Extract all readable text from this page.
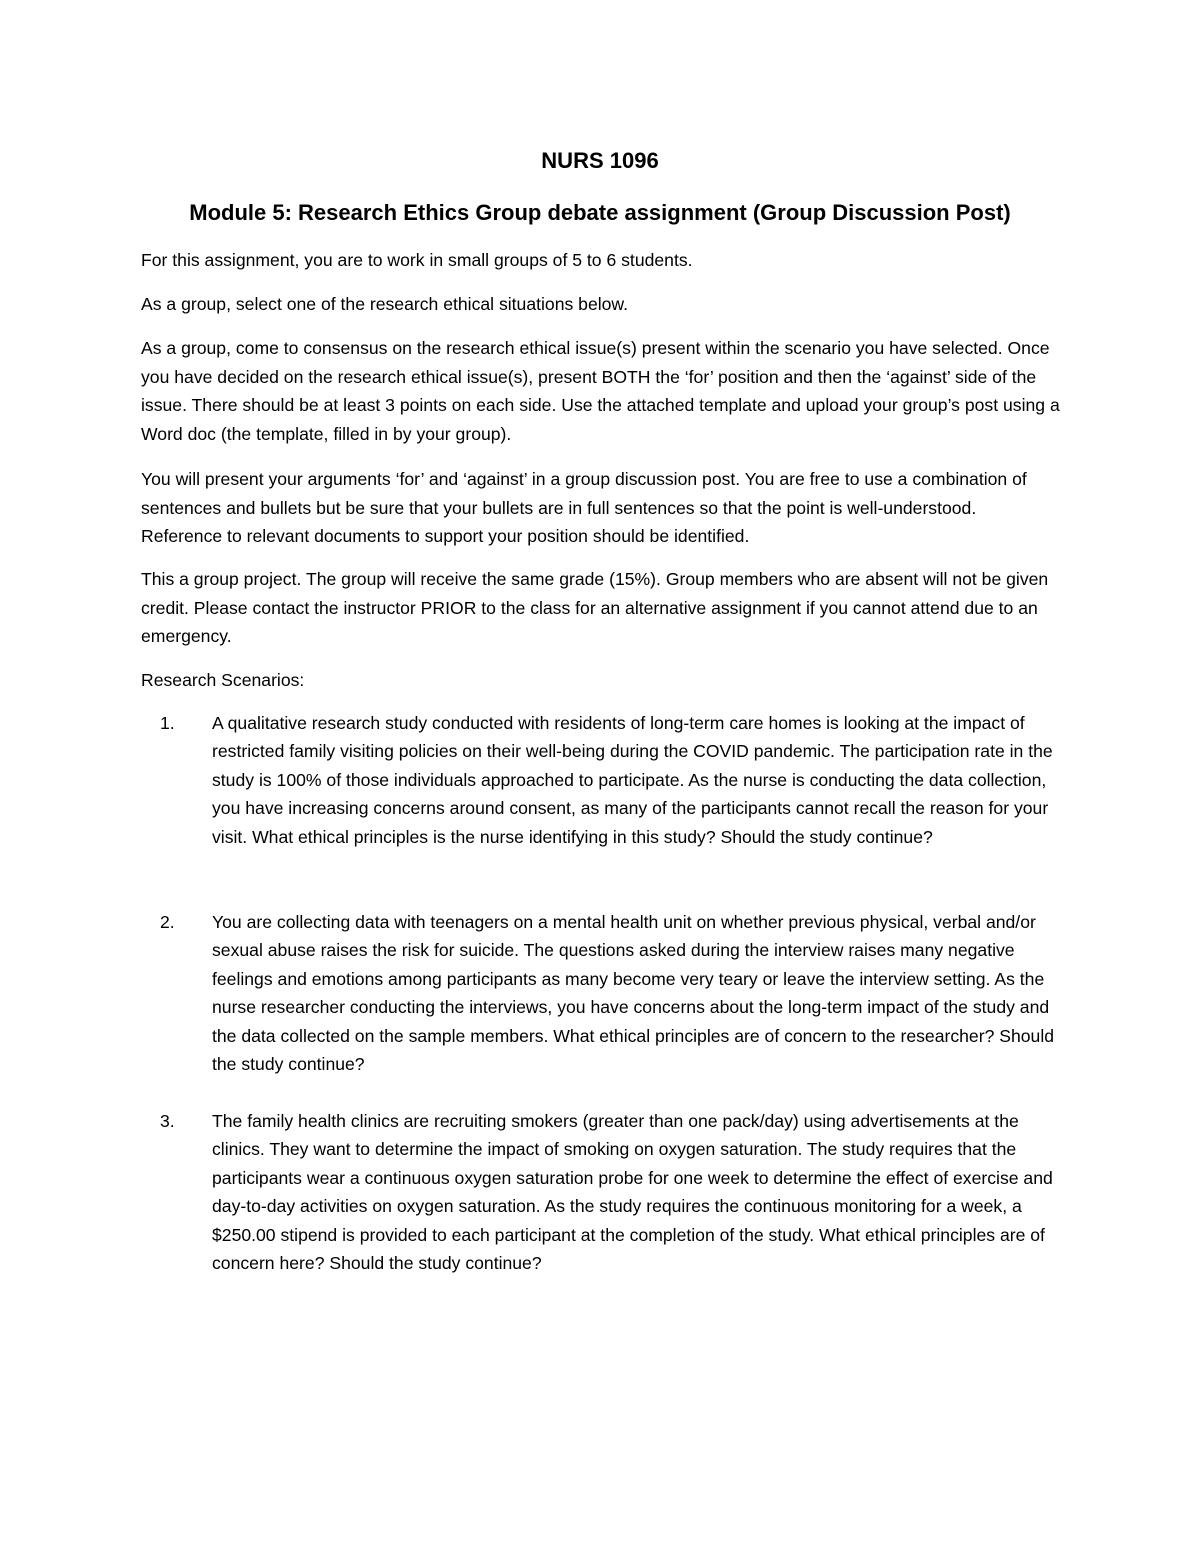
NURS 1096
Module 5: Research Ethics Group debate assignment (Group Discussion Post)

For this assignment, you are to work in small groups of 5 to 6 students.

As a group, select one of the research ethical situations below.

As a group, come to consensus on the research ethical issue(s) present within the scenario you have selected. Once you have decided on the research ethical issue(s), present BOTH the ‘for’ position and then the ‘against’ side of the issue. There should be at least 3 points on each side. Use the attached template and upload your group’s post using a Word doc (the template, filled in by your group).

You will present your arguments ‘for’ and ‘against’ in a group discussion post. You are free to use a combination of sentences and bullets but be sure that your bullets are in full sentences so that the point is well-understood. Reference to relevant documents to support your position should be identified.

This a group project. The group will receive the same grade (15%). Group members who are absent will not be given credit. Please contact the instructor PRIOR to the class for an alternative assignment if you cannot attend due to an emergency.

Research Scenarios:

1.	A qualitative research study conducted with residents of long-term care homes is looking at the impact of restricted family visiting policies on their well-being during the COVID pandemic. The participation rate in the study is 100% of those individuals approached to participate. As the nurse is conducting the data collection, you have increasing concerns around consent, as many of the participants cannot recall the reason for your visit. What ethical principles is the nurse identifying in this study? Should the study continue?
2.	You are collecting data with teenagers on a mental health unit on whether previous physical, verbal and/or sexual abuse raises the risk for suicide. The questions asked during the interview raises many negative feelings and emotions among participants as many become very teary or leave the interview setting. As the nurse researcher conducting the interviews, you have concerns about the long-term impact of the study and the data collected on the sample members. What ethical principles are of concern to the researcher? Should the study continue?
3.	The family health clinics are recruiting smokers (greater than one pack/day) using advertisements at the clinics. They want to determine the impact of smoking on oxygen saturation. The study requires that the participants wear a continuous oxygen saturation probe for one week to determine the effect of exercise and day-to-day activities on oxygen saturation. As the study requires the continuous monitoring for a week, a $250.00 stipend is provided to each participant at the completion of the study. What ethical principles are of concern here? Should the study continue?
